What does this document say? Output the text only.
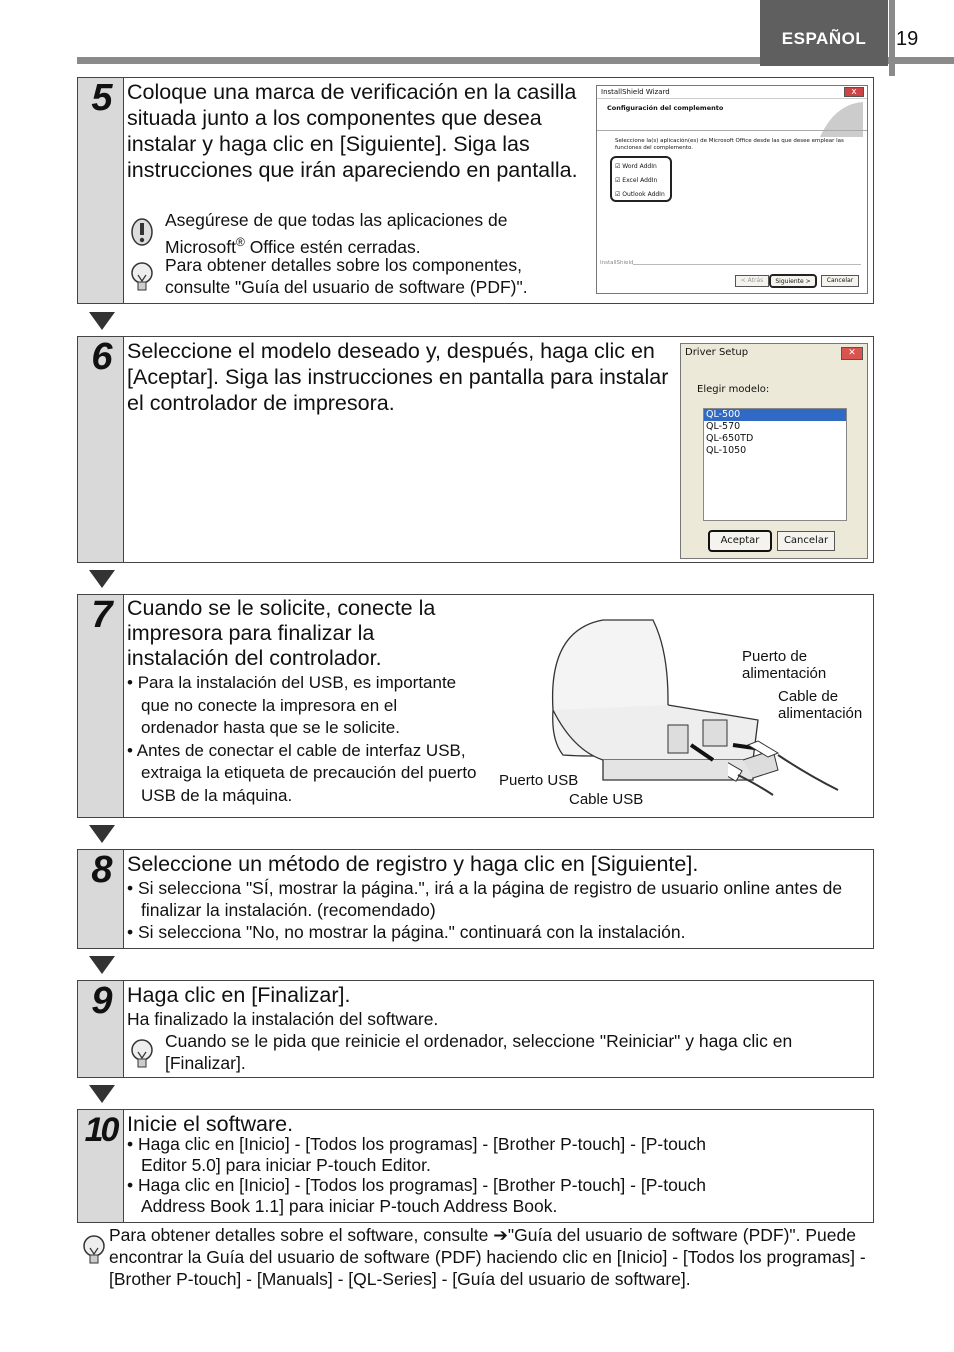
ESPAÑOL	19
5 Coloque una marca de verificación en la casilla situada junto a los componentes que desea instalar y haga clic en [Siguiente]. Siga las instrucciones que irán apareciendo en pantalla.
Asegúrese de que todas las aplicaciones de Microsoft® Office estén cerradas.
Para obtener detalles sobre los componentes, consulte "Guía del usuario de software (PDF)".
InstallShield Wizard	x
Configuración del complemento
Seleccione la(s) aplicación(es) de Microsoft Office desde las que desee emplear las funciones del complemento.
☑ Word AddIn
☑ Excel AddIn
☑ Outlook AddIn
InstallShield
< Atrás	Siguiente >	Cancelar
6 Seleccione el modelo deseado y, después, haga clic en [Aceptar]. Siga las instrucciones en pantalla para instalar el controlador de impresora.
Driver Setup	✕
Elegir modelo:
QL-500
QL-570
QL-650TD
QL-1050
Aceptar	Cancelar
7 Cuando se le solicite, conecte la impresora para finalizar la instalación del controlador.
• Para la instalación del USB, es importante que no conecte la impresora en el ordenador hasta que se le solicite.
• Antes de conectar el cable de interfaz USB, extraiga la etiqueta de precaución del puerto USB de la máquina.
Puerto de alimentación
Cable de alimentación
Puerto USB
Cable USB
8 Seleccione un método de registro y haga clic en [Siguiente].
• Si selecciona "SÍ, mostrar la página.", irá a la página de registro de usuario online antes de finalizar la instalación. (recomendado)
• Si selecciona "No, no mostrar la página." continuará con la instalación.
9 Haga clic en [Finalizar].
Ha finalizado la instalación del software.
Cuando se le pida que reinicie el ordenador, seleccione "Reiniciar" y haga clic en [Finalizar].
10 Inicie el software.
• Haga clic en [Inicio] - [Todos los programas] - [Brother P-touch] - [P-touch Editor 5.0] para iniciar P-touch Editor.
• Haga clic en [Inicio] - [Todos los programas] - [Brother P-touch] - [P-touch Address Book 1.1] para iniciar P-touch Address Book.
Para obtener detalles sobre el software, consulte ➔"Guía del usuario de software (PDF)". Puede encontrar la Guía del usuario de software (PDF) haciendo clic en [Inicio] - [Todos los programas] - [Brother P-touch] - [Manuals] - [QL-Series] - [Guía del usuario de software].
